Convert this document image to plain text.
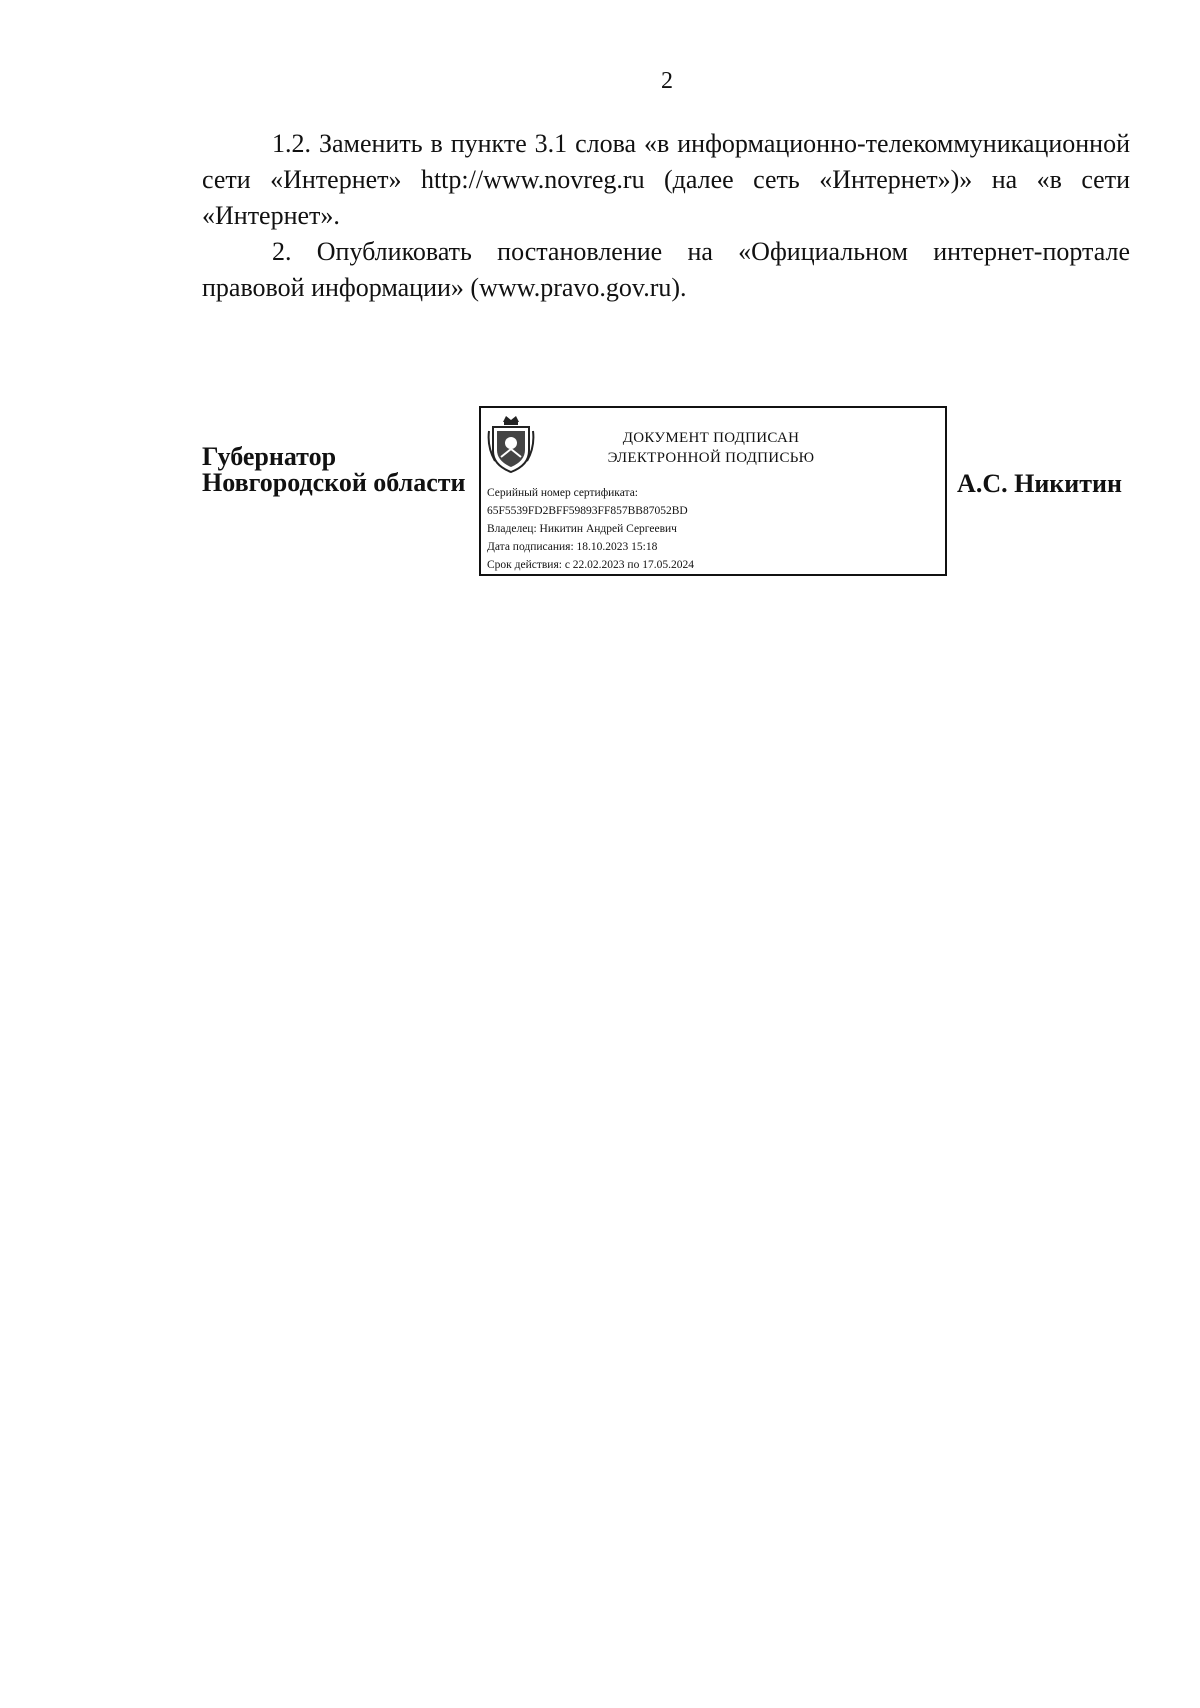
2

1.2. Заменить в пункте 3.1 слова «в информационно-телекоммуникационной сети «Интернет» http://www.novreg.ru (далее сеть «Интернет»)» на «в сети «Интернет».

2. Опубликовать постановление на «Официальном интернет-портале правовой информации» (www.pravo.gov.ru).

Губернатор
Новгородской области
ДОКУМЕНТ ПОДПИСАН
ЭЛЕКТРОННОЙ ПОДПИСЬЮ
Серийный номер сертификата:
65F5539FD2BFF59893FF857BB87052BD
Владелец: Никитин Андрей Сергеевич
Дата подписания: 18.10.2023 15:18
Срок действия: с 22.02.2023 по 17.05.2024
А.С. Никитин
